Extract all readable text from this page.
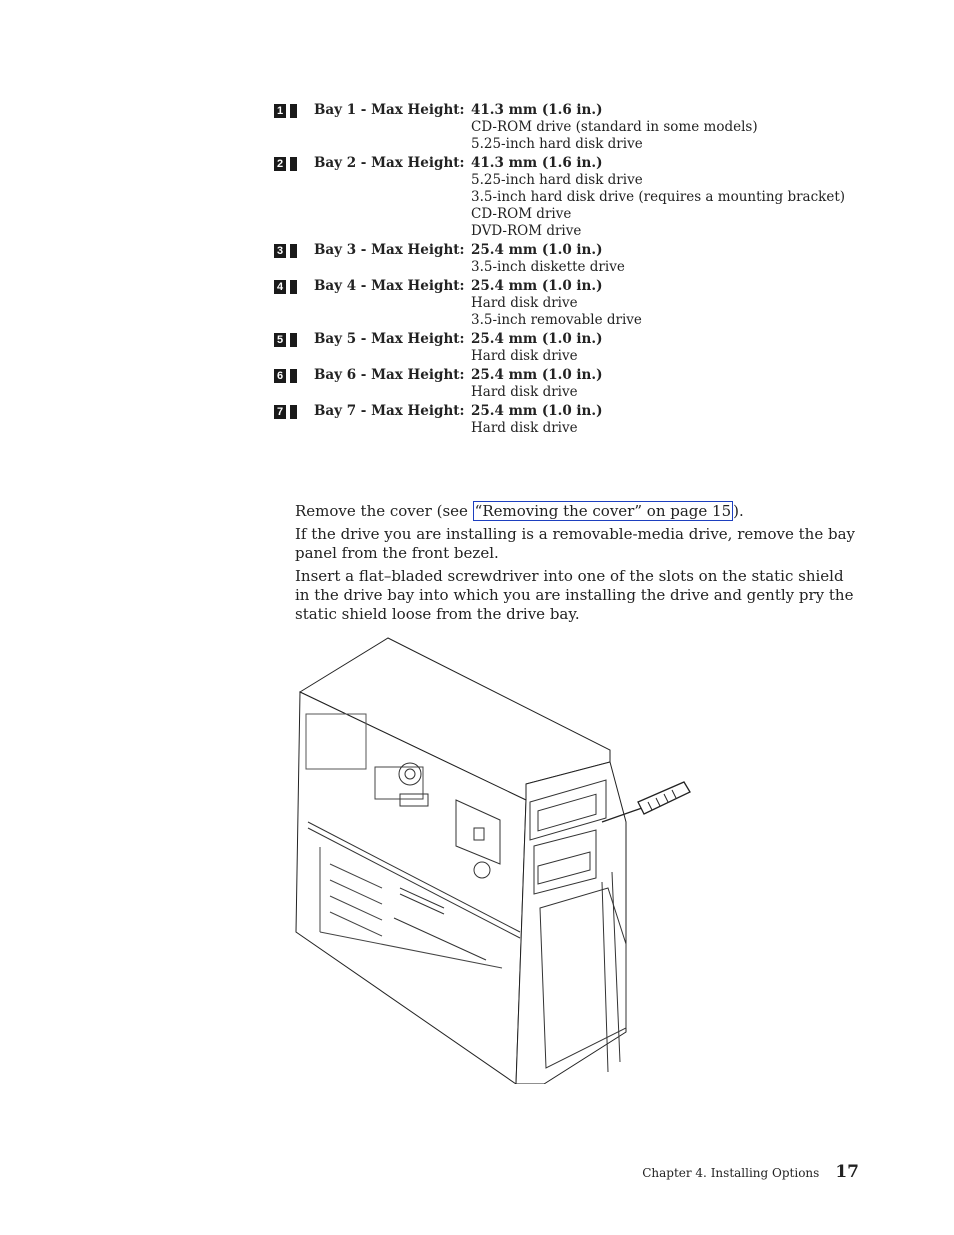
1 Bay 1 - Max Height: 41.3 mm (1.6 in.)
CD-ROM drive (standard in some models)
5.25-inch hard disk drive
2 Bay 2 - Max Height: 41.3 mm (1.6 in.)
5.25-inch hard disk drive
3.5-inch hard disk drive (requires a mounting bracket)
CD-ROM drive
DVD-ROM drive
3 Bay 3 - Max Height: 25.4 mm (1.0 in.)
3.5-inch diskette drive
4 Bay 4 - Max Height: 25.4 mm (1.0 in.)
Hard disk drive
3.5-inch removable drive
5 Bay 5 - Max Height: 25.4 mm (1.0 in.)
Hard disk drive
6 Bay 6 - Max Height: 25.4 mm (1.0 in.)
Hard disk drive
7 Bay 7 - Max Height: 25.4 mm (1.0 in.)
Hard disk drive

Remove the cover (see “Removing the cover” on page 15 ).

If the drive you are installing is a removable-media drive, remove the bay panel from the front bezel.

Insert a flat–bladed screwdriver into one of the slots on the static shield in the drive bay into which you are installing the drive and gently pry the static shield loose from the drive bay.

Chapter 4. Installing Options 17
